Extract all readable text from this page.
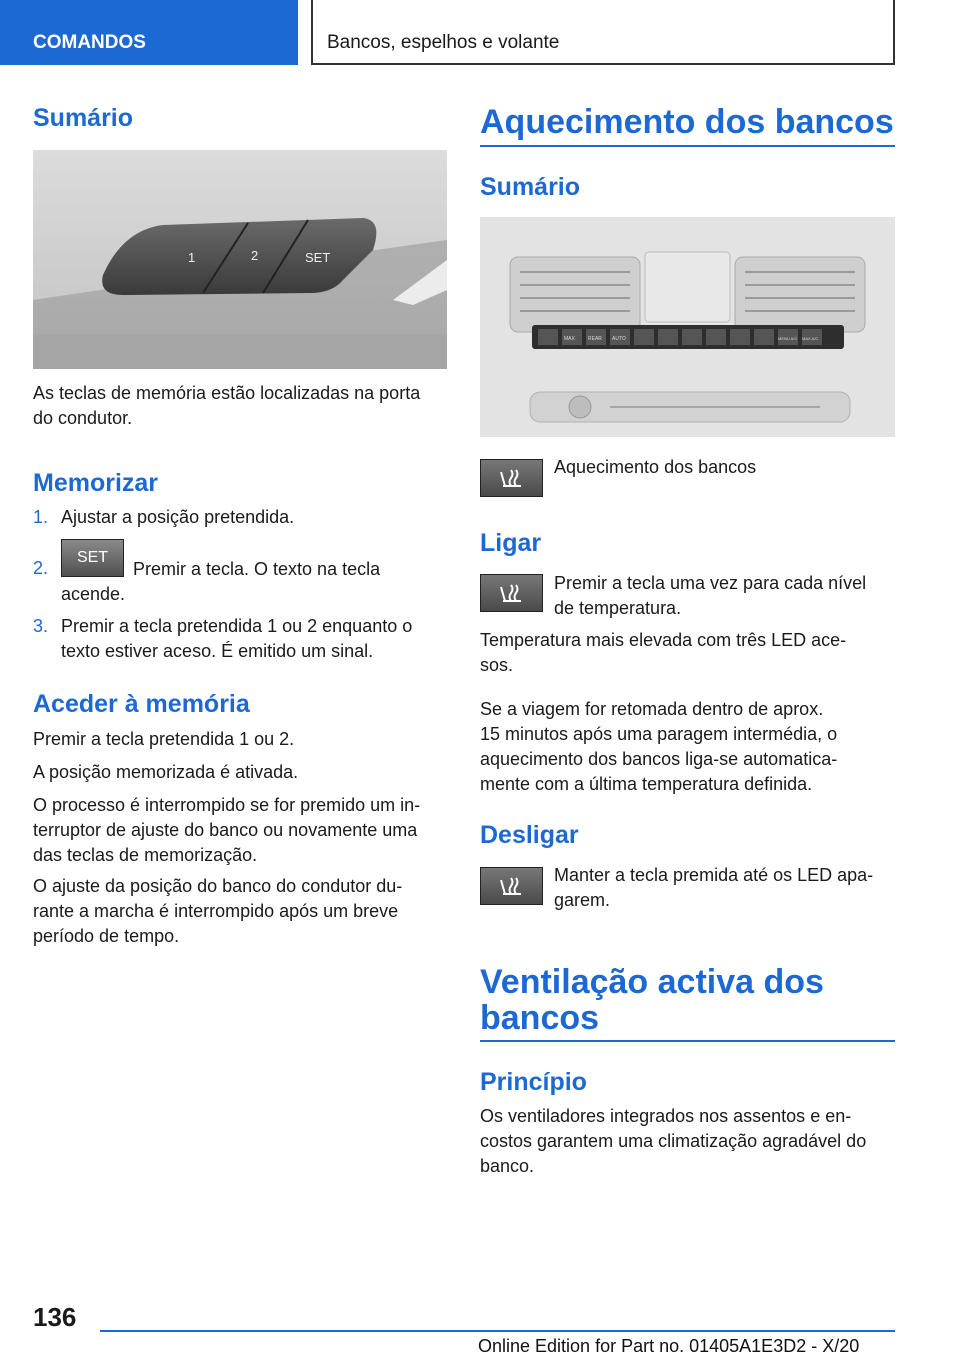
COMANDOS	Bancos, espelhos e volante
Sumário
1	2	SET
As teclas de memória estão localizadas na porta
do condutor.
Memorizar
1. Ajustar a posição pretendida.
2.
SET
Premir a tecla. O texto na tecla
acende.
3. Premir a tecla pretendida 1 ou 2 enquanto o
texto estiver aceso. É emitido um sinal.
Aceder à memória
Premir a tecla pretendida 1 ou 2.
A posição memorizada é ativada.
O processo é interrompido se for premido um in-
terruptor de ajuste do banco ou novamente uma
das teclas de memorização.
O ajuste da posição do banco do condutor du-
rante a marcha é interrompido após um breve
período de tempo.
Aquecimento dos bancos
Sumário
MAX	REAR AUTO	MENU A/C MAX A/C
Aquecimento dos bancos
Ligar
Premir a tecla uma vez para cada nível
de temperatura.
Temperatura mais elevada com três LED ace-
sos.
Se a viagem for retomada dentro de aprox.
15 minutos após uma paragem intermédia, o
aquecimento dos bancos liga-se automatica-
mente com a última temperatura definida.
Desligar
Manter a tecla premida até os LED apa-
garem.
Ventilação activa dos
bancos
Princípio
Os ventiladores integrados nos assentos e en-
costos garantem uma climatização agradável do
banco.
136
Online Edition for Part no. 01405A1E3D2 - X/20
